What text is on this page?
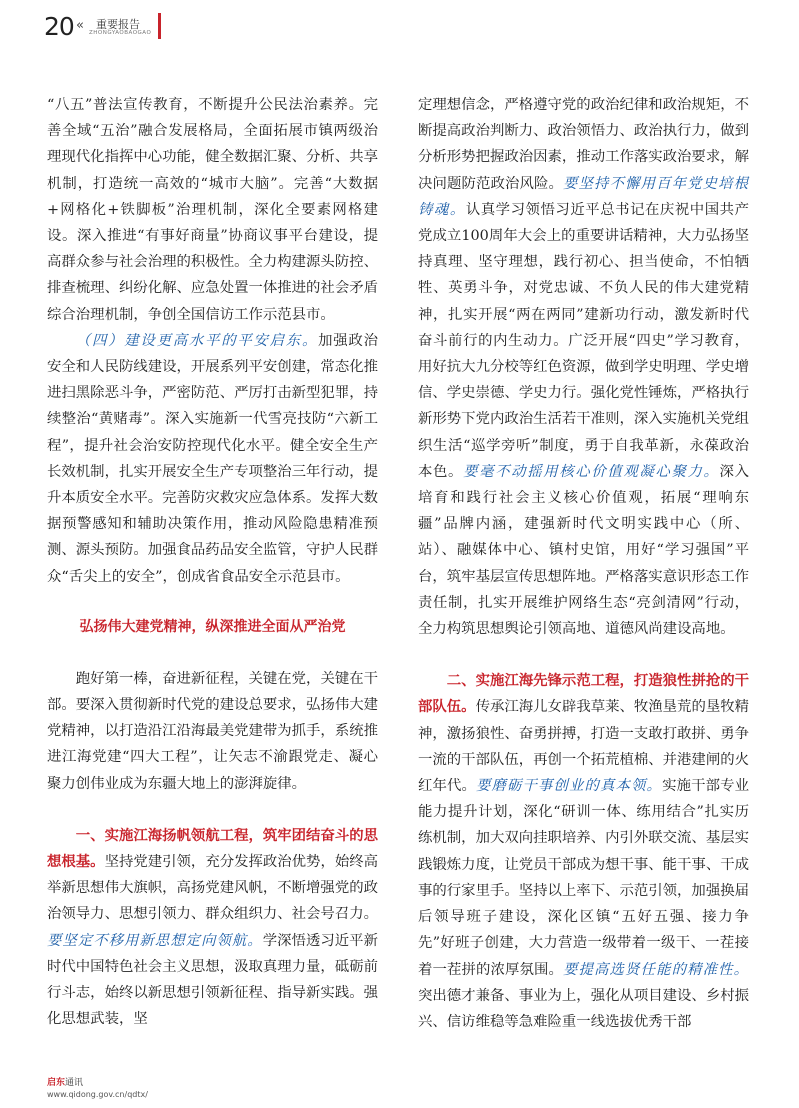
20 « 重要报告
ZHONGYAOBAOGAO

“八五”普法宣传教育，不断提升公民法治素养。完善全域“五治”融合发展格局，全面拓展市镇两级治理现代化指挥中心功能，健全数据汇聚、分析、共享机制，打造统一高效的“城市大脑”。完善“大数据+网格化+铁脚板”治理机制，深化全要素网格建设。深入推进“有事好商量”协商议事平台建设，提高群众参与社会治理的积极性。全力构建源头防控、排查梳理、纠纷化解、应急处置一体推进的社会矛盾综合治理机制，争创全国信访工作示范县市。

（四）建设更高水平的平安启东。加强政治安全和人民防线建设，开展系列平安创建，常态化推进扫黑除恶斗争，严密防范、严厉打击新型犯罪，持续整治“黄赌毒”。深入实施新一代雪亮技防“六新工程”，提升社会治安防控现代化水平。健全安全生产长效机制，扎实开展安全生产专项整治三年行动，提升本质安全水平。完善防灾救灾应急体系。发挥大数据预警感知和辅助决策作用，推动风险隐患精准预测、源头预防。加强食品药品安全监管，守护人民群众“舌尖上的安全”，创成省食品安全示范县市。

弘扬伟大建党精神，纵深推进全面从严治党

跑好第一棒，奋进新征程，关键在党，关键在干部。要深入贯彻新时代党的建设总要求，弘扬伟大建党精神，以打造沿江沿海最美党建带为抓手，系统推进江海党建“四大工程”，让矢志不渝跟党走、凝心聚力创伟业成为东疆大地上的澎湃旋律。

一、实施江海扬帆领航工程，筑牢团结奋斗的思想根基。坚持党建引领，充分发挥政治优势，始终高举新思想伟大旗帜，高扬党建风帆，不断增强党的政治领导力、思想引领力、群众组织力、社会号召力。要坚定不移用新思想定向领航。学深悟透习近平新时代中国特色社会主义思想，汲取真理力量，砥砺前行斗志，始终以新思想引领新征程、指导新实践。强化思想武装，坚

定理想信念，严格遵守党的政治纪律和政治规矩，不断提高政治判断力、政治领悟力、政治执行力，做到分析形势把握政治因素，推动工作落实政治要求，解决问题防范政治风险。要坚持不懈用百年党史培根铸魂。认真学习领悟习近平总书记在庆祝中国共产党成立100周年大会上的重要讲话精神，大力弘扬坚持真理、坚守理想，践行初心、担当使命，不怕牺牲、英勇斗争，对党忠诚、不负人民的伟大建党精神，扎实开展“两在两同”建新功行动，激发新时代奋斗前行的内生动力。广泛开展“四史”学习教育，用好抗大九分校等红色资源，做到学史明理、学史增信、学史崇德、学史力行。强化党性锤炼，严格执行新形势下党内政治生活若干准则，深入实施机关党组织生活“巡学旁听”制度，勇于自我革新，永葆政治本色。要毫不动摇用核心价值观凝心聚力。深入培育和践行社会主义核心价值观，拓展“理响东疆”品牌内涵，建强新时代文明实践中心（所、站）、融媒体中心、镇村史馆，用好“学习强国”平台，筑牢基层宣传思想阵地。严格落实意识形态工作责任制，扎实开展维护网络生态“亮剑清网”行动，全力构筑思想舆论引领高地、道德风尚建设高地。

二、实施江海先锋示范工程，打造狼性拼抢的干部队伍。传承江海儿女辟我草莱、牧渔垦荒的垦牧精神，激扬狼性、奋勇拼搏，打造一支敢打敢拼、勇争一流的干部队伍，再创一个拓荒植棉、并港建闸的火红年代。要磨砺干事创业的真本领。实施干部专业能力提升计划，深化“研训一体、练用结合”扎实历练机制，加大双向挂职培养、内引外联交流、基层实践锻炼力度，让党员干部成为想干事、能干事、干成事的行家里手。坚持以上率下、示范引领，加强换届后领导班子建设，深化区镇“五好五强、接力争先”好班子创建，大力营造一级带着一级干、一茬接着一茬拼的浓厚氛围。要提高选贤任能的精准性。突出德才兼备、事业为上，强化从项目建设、乡村振兴、信访维稳等急难险重一线选拔优秀干部

启东通讯
www.qidong.gov.cn/qdtx/
